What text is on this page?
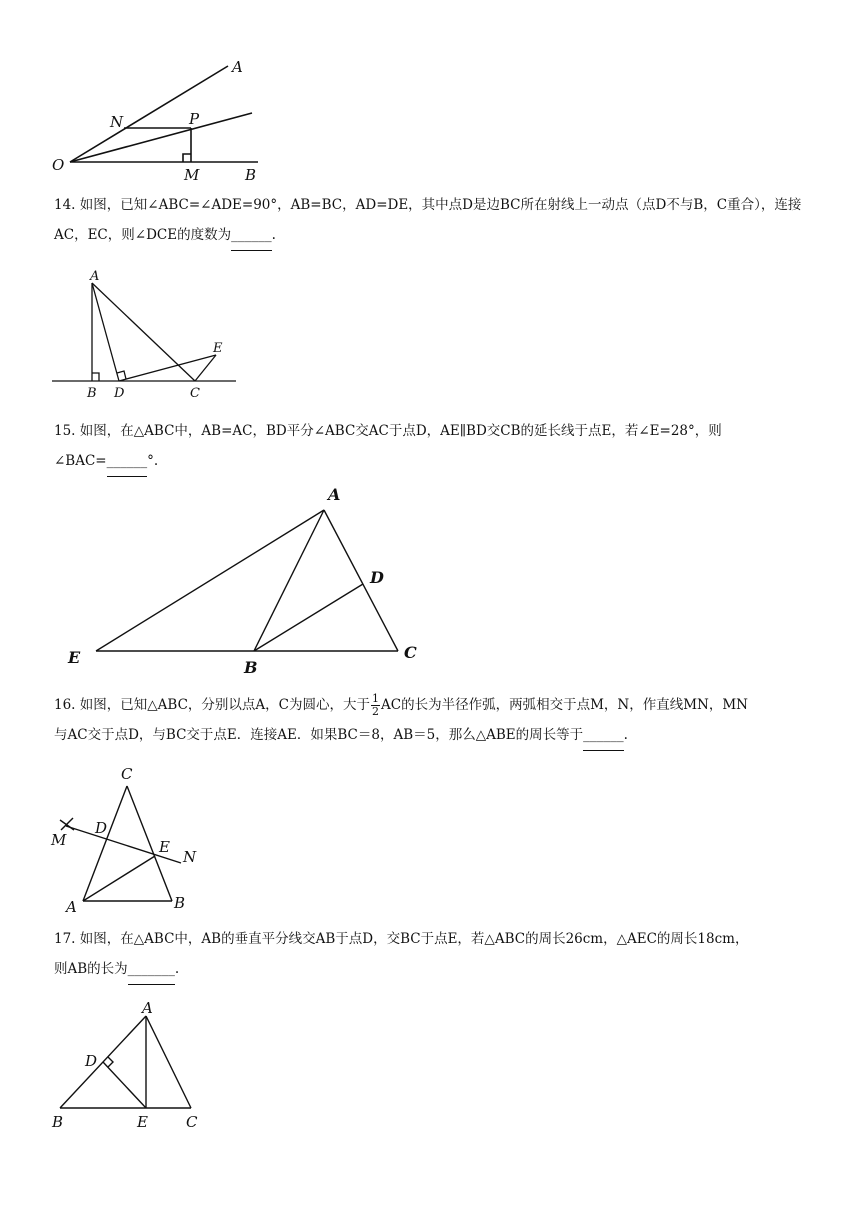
A
N	P
O
M	B
A
E
B D	C
A
D
E
B
C
C
D
M	E
N
A	B
A
D
B	E	C

14. 如图，已知∠ABC=∠ADE=90°，AB=BC，AD=DE，其中点D是边BC所在射线上一动点（点D不与B，C重合），连接AC，EC，则∠DCE的度数为______.

15. 如图，在△ABC中，AB=AC，BD平分∠ABC交AC于点D，AE∥BD交CB的延长线于点E，若∠E=28°，则

∠BAC=______°.

16. 如图，已知△ABC，分别以点A，C为圆心，大于 $\frac{1}{2}$ AC的长为半径作弧，两弧相交于点M，N，作直线MN，MN

与AC交于点D，与BC交于点E．连接AE．如果BC＝8，AB＝5，那么△ABE的周长等于______.

17. 如图，在△ABC中，AB的垂直平分线交AB于点D，交BC于点E，若△ABC的周长26cm，△AEC的周长18cm，

则AB的长为_______.
